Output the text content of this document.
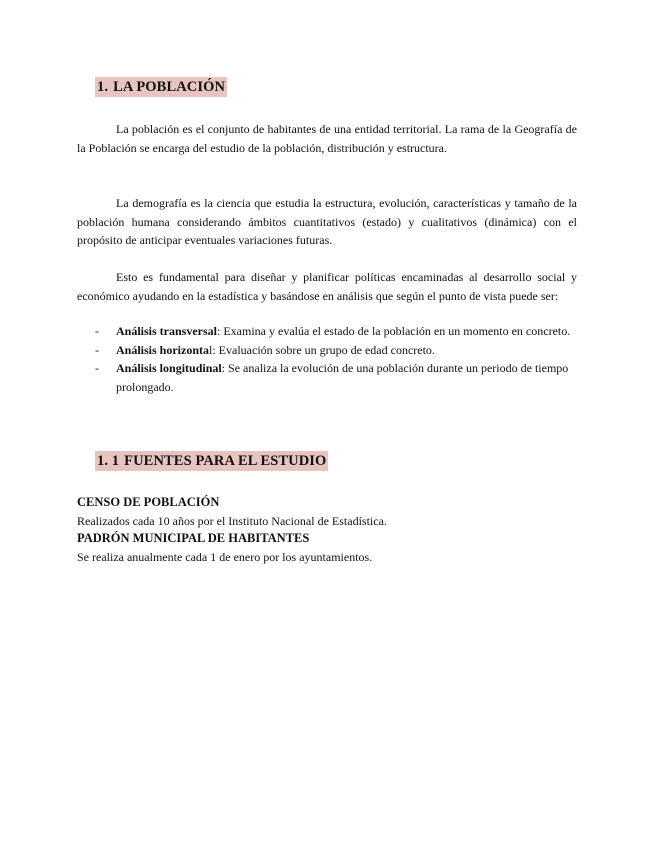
1. LA POBLACIÓN

La población es el conjunto de habitantes de una entidad territorial. La rama de la Geografía de la Población se encarga del estudio de la población, distribución y estructura.

La demografía es la ciencia que estudia la estructura, evolución, características y tamaño de la población humana considerando ámbitos cuantitativos (estado) y cualitativos (dinámica) con el propósito de anticipar eventuales variaciones futuras.

Esto es fundamental para diseñar y planificar políticas encaminadas al desarrollo social y económico ayudando en la estadística y basándose en análisis que según el punto de vista puede ser:

- Análisis transversal: Examina y evalúa el estado de la población en un momento en concreto.
- Análisis horizontal: Evaluación sobre un grupo de edad concreto.
- Análisis longitudinal: Se analiza la evolución de una población durante un periodo de tiempo prolongado.
1. 1 FUENTES PARA EL ESTUDIO

CENSO DE POBLACIÓN

Realizados cada 10 años por el Instituto Nacional de Estadística.

PADRÓN MUNICIPAL DE HABITANTES

Se realiza anualmente cada 1 de enero por los ayuntamientos.
